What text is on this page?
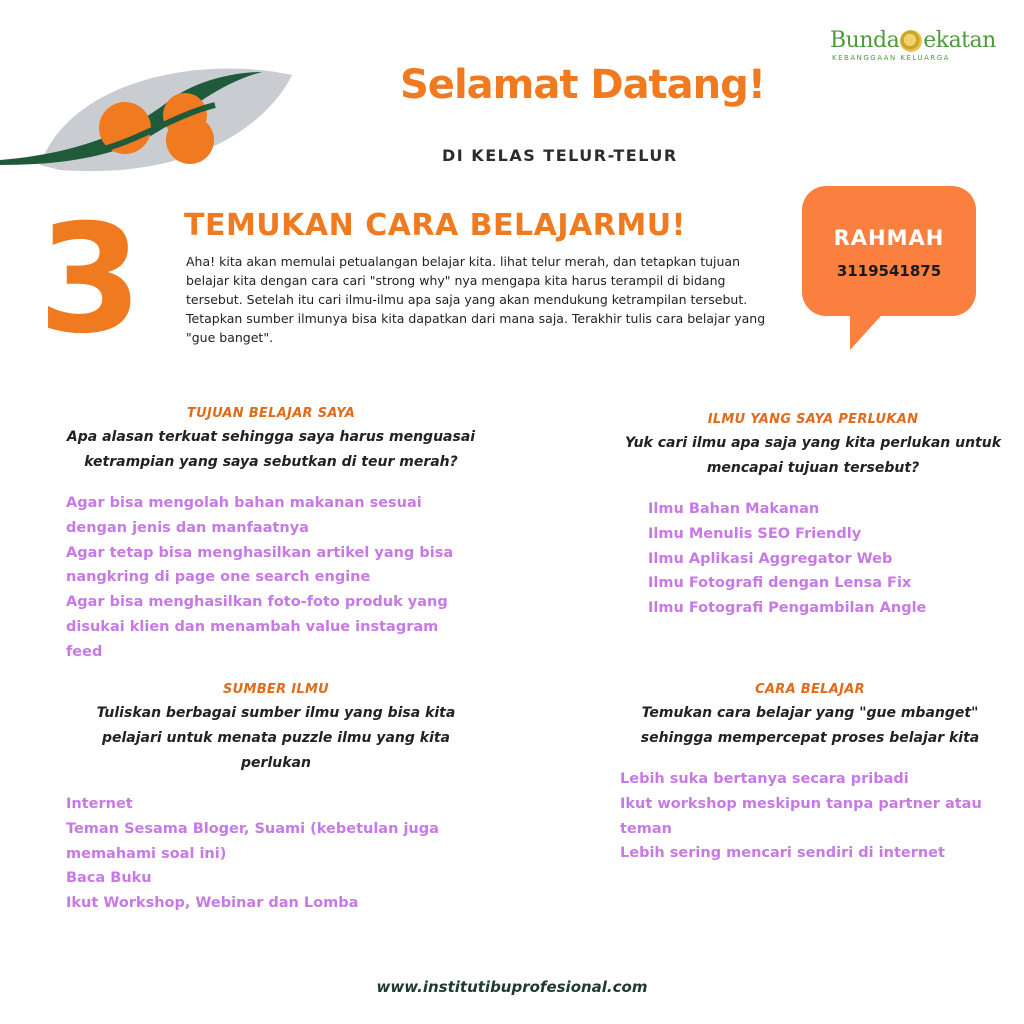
Bunda ekatan
KEBANGGAAN KELUARGA
Selamat Datang!
DI KELAS TELUR-TELUR
3 TEMUKAN CARA BELAJARMU!
Aha! kita akan memulai petualangan belajar kita. lihat telur merah, dan tetapkan tujuan belajar kita dengan cara cari "strong why" nya mengapa kita harus terampil di bidang tersebut. Setelah itu cari ilmu-ilmu apa saja yang akan mendukung ketrampilan tersebut. Tetapkan sumber ilmunya bisa kita dapatkan dari mana saja. Terakhir tulis cara belajar yang "gue banget".
RAHMAH
3119541875
TUJUAN BELAJAR SAYA
Apa alasan terkuat sehingga saya harus menguasai ketrampian yang saya sebutkan di teur merah?
Agar bisa mengolah bahan makanan sesuai dengan jenis dan manfaatnya
Agar tetap bisa menghasilkan artikel yang bisa nangkring di page one search engine
Agar bisa menghasilkan foto-foto produk yang disukai klien dan menambah value instagram feed
ILMU YANG SAYA PERLUKAN
Yuk cari ilmu apa saja yang kita perlukan untuk mencapai tujuan tersebut?
Ilmu Bahan Makanan
Ilmu Menulis SEO Friendly
Ilmu Aplikasi Aggregator Web
Ilmu Fotografi dengan Lensa Fix
Ilmu Fotografi Pengambilan Angle
SUMBER ILMU
Tuliskan berbagai sumber ilmu yang bisa kita pelajari untuk menata puzzle ilmu yang kita perlukan
Internet
Teman Sesama Bloger, Suami (kebetulan juga memahami soal ini)
Baca Buku
Ikut Workshop, Webinar dan Lomba
CARA BELAJAR
Temukan cara belajar yang "gue mbanget" sehingga mempercepat proses belajar kita
Lebih suka bertanya secara pribadi
Ikut workshop meskipun tanpa partner atau teman
Lebih sering mencari sendiri di internet
www.institutibuprofesional.com
